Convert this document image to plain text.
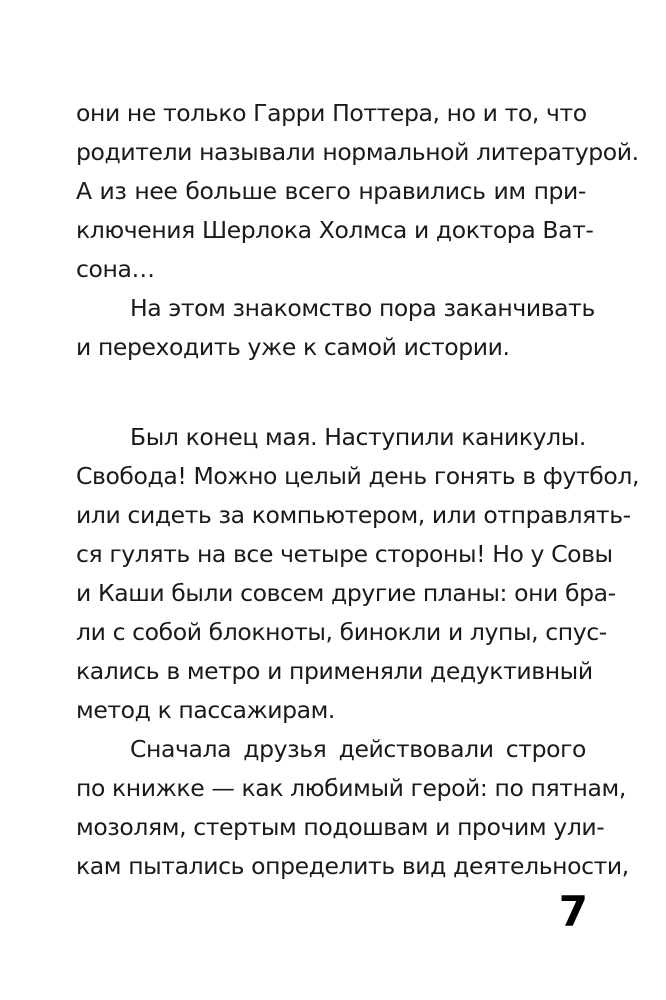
они не только Гарри Поттера, но и то, что
родители называли нормальной литературой.
А из нее больше всего нравились им при-
ключения Шерлока Холмса и доктора Ват-
сона…
На этом знакомство пора заканчивать
и переходить уже к самой истории.
Был конец мая. Наступили каникулы.
Свобода! Можно целый день гонять в футбол,
или сидеть за компьютером, или отправлять-
ся гулять на все четыре стороны! Но у Совы
и Каши были совсем другие планы: они бра-
ли с собой блокноты, бинокли и лупы, спус-
кались в метро и применяли дедуктивный
метод к пассажирам.
Сначала друзья действовали строго
по книжке — как любимый герой: по пятнам,
мозолям, стертым подошвам и прочим ули-
кам пытались определить вид деятельности,
7
